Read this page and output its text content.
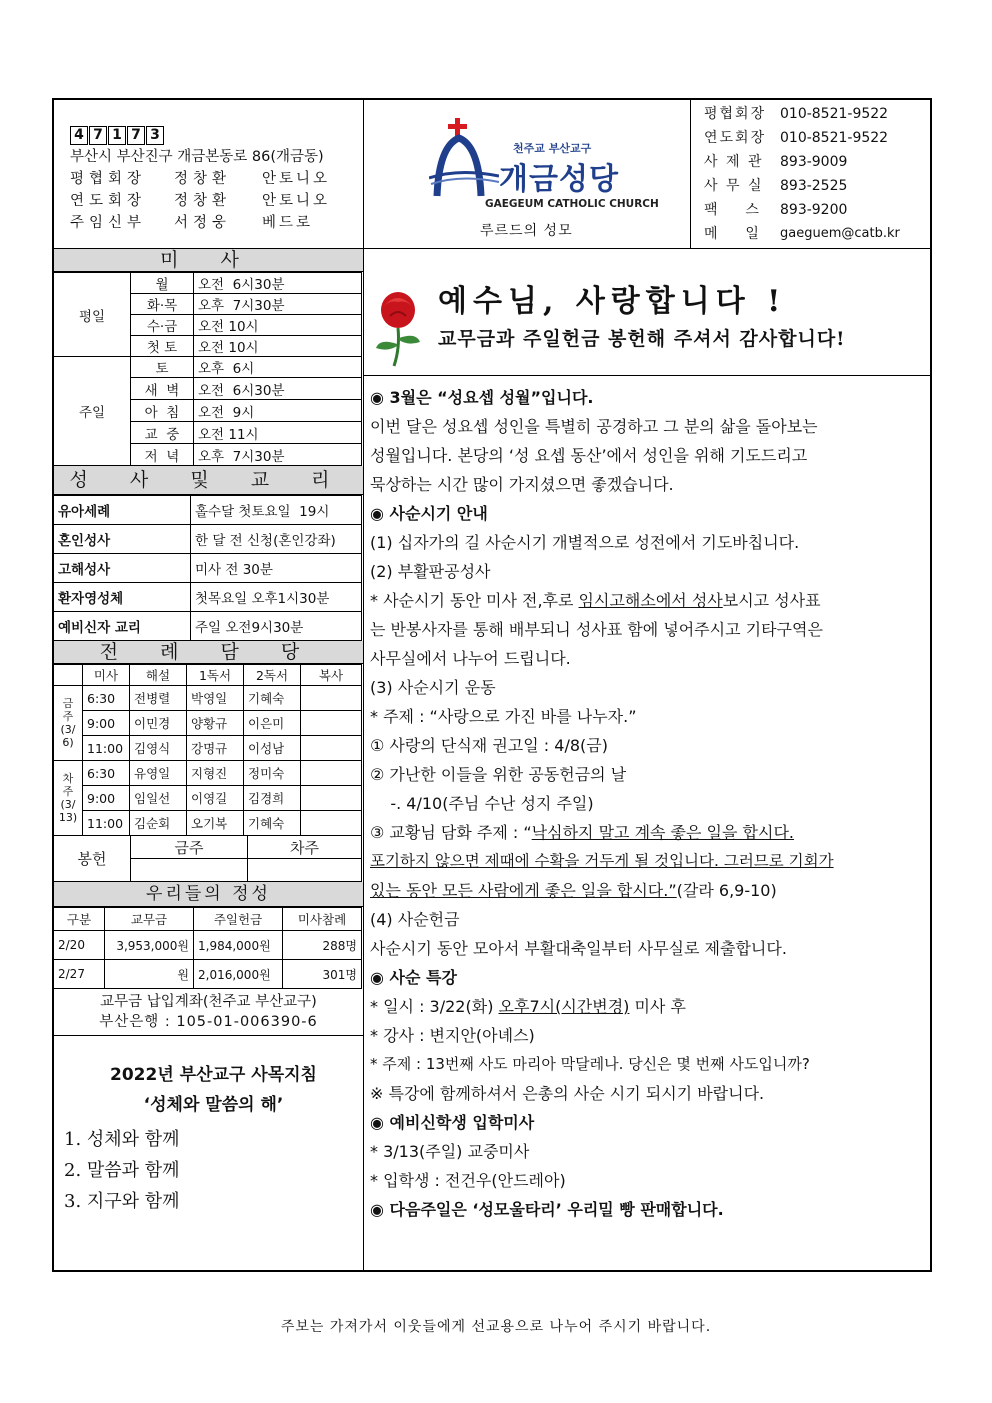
4 7 1 7 3
부산시 부산진구 개금본동로 86(개금동)
평협회장	정창환	안토니오
연도회장	정창환	안토니오
주임신부	서정웅	베드로
천주교 부산교구
개금성당
GAEGEUM CATHOLIC CHURCH
루르드의 성모
평협회장 010-8521-9522
연도회장 010-8521-9522
사 제 관	893-9009
사 무 실	893-2525
팩    스	893-9200
메    일	gaeguem@catb.kr
미 사
평일	월	오전  6시30분
	화·목	오후  7시30분
	수·금	오전 10시
	첫 토	오전 10시
주일	토	오후  6시
	새  벽	오전  6시30분
	아  침	오전  9시
	교  중	오전 11시
	저  녁	오후  7시30분
성 사 및 교 리
유아세례	홀수달 첫토요일  19시
혼인성사	한 달 전 신청(혼인강좌)
고해성사	미사 전 30분
환자영성체	첫목요일 오후1시30분
예비신자 교리	주일 오전9시30분
전 례 담 당
	미사	해설	1독서	2독서	복사
금
주
(3/
6)	6:30	전병렬	박영일	기혜숙	
	9:00	이민경	양황규	이은미	
	11:00	김영식	강명규	이성남	
차
주
(3/
13)	6:30	유영일	지형진	정미숙	
	9:00	임일선	이영길	김경희	
	11:00	김순회	오기복	기혜숙	
봉헌	금주	차주

우리들의 정성
구분	교무금	주일헌금	미사참례
2/20	3,953,000원	1,984,000원	288명
2/27	원	2,016,000원	301명
교무금 납입계좌(천주교 부산교구)
부산은행 : 105-01-006390-6
2022년 부산교구 사목지침
‘성체와 말씀의 해’
1. 성체와 함께
2. 말씀과 함께
3. 지구와 함께
예수님, 사랑합니다 !
교무금과 주일헌금 봉헌해 주셔서 감사합니다!

◉ 3월은 “성요셉 성월”입니다.

이번 달은 성요셉 성인을 특별히 공경하고 그 분의 삶을 돌아보는

성월입니다. 본당의 ‘성 요셉 동산’에서 성인을 위해 기도드리고

묵상하는 시간 많이 가지셨으면 좋겠습니다.

◉ 사순시기 안내

(1) 십자가의 길 사순시기 개별적으로 성전에서 기도바칩니다.

(2) 부활판공성사

* 사순시기 동안 미사 전,후로 임시고해소에서 성사보시고 성사표

는 반봉사자를 통해 배부되니 성사표 함에 넣어주시고 기타구역은

사무실에서 나누어 드립니다.

(3) 사순시기 운동

* 주제 : “사랑으로 가진 바를 나누자.”

① 사랑의 단식재 권고일 : 4/8(금)

② 가난한 이들을 위한 공동헌금의 날

-. 4/10(주님 수난 성지 주일)

③ 교황님 담화 주제 : “낙심하지 말고 계속 좋은 일을 합시다.

포기하지 않으면 제때에 수확을 거두게 될 것입니다. 그러므로 기회가

있는 동안 모든 사람에게 좋은 일을 합시다.”(갈라 6,9-10)

(4) 사순헌금

사순시기 동안 모아서 부활대축일부터 사무실로 제출합니다.

◉ 사순 특강

* 일시 : 3/22(화) 오후7시(시간변경) 미사 후

* 강사 : 변지안(아녜스)

* 주제 : 13번째 사도 마리아 막달레나. 당신은 몇 번째 사도입니까?

※ 특강에 함께하셔서 은총의 사순 시기 되시기 바랍니다.

◉ 예비신학생 입학미사

* 3/13(주일) 교중미사

* 입학생 : 전건우(안드레아)

◉ 다음주일은 ‘성모울타리’ 우리밀 빵 판매합니다.

주보는 가져가서 이웃들에게 선교용으로 나누어 주시기 바랍니다.
